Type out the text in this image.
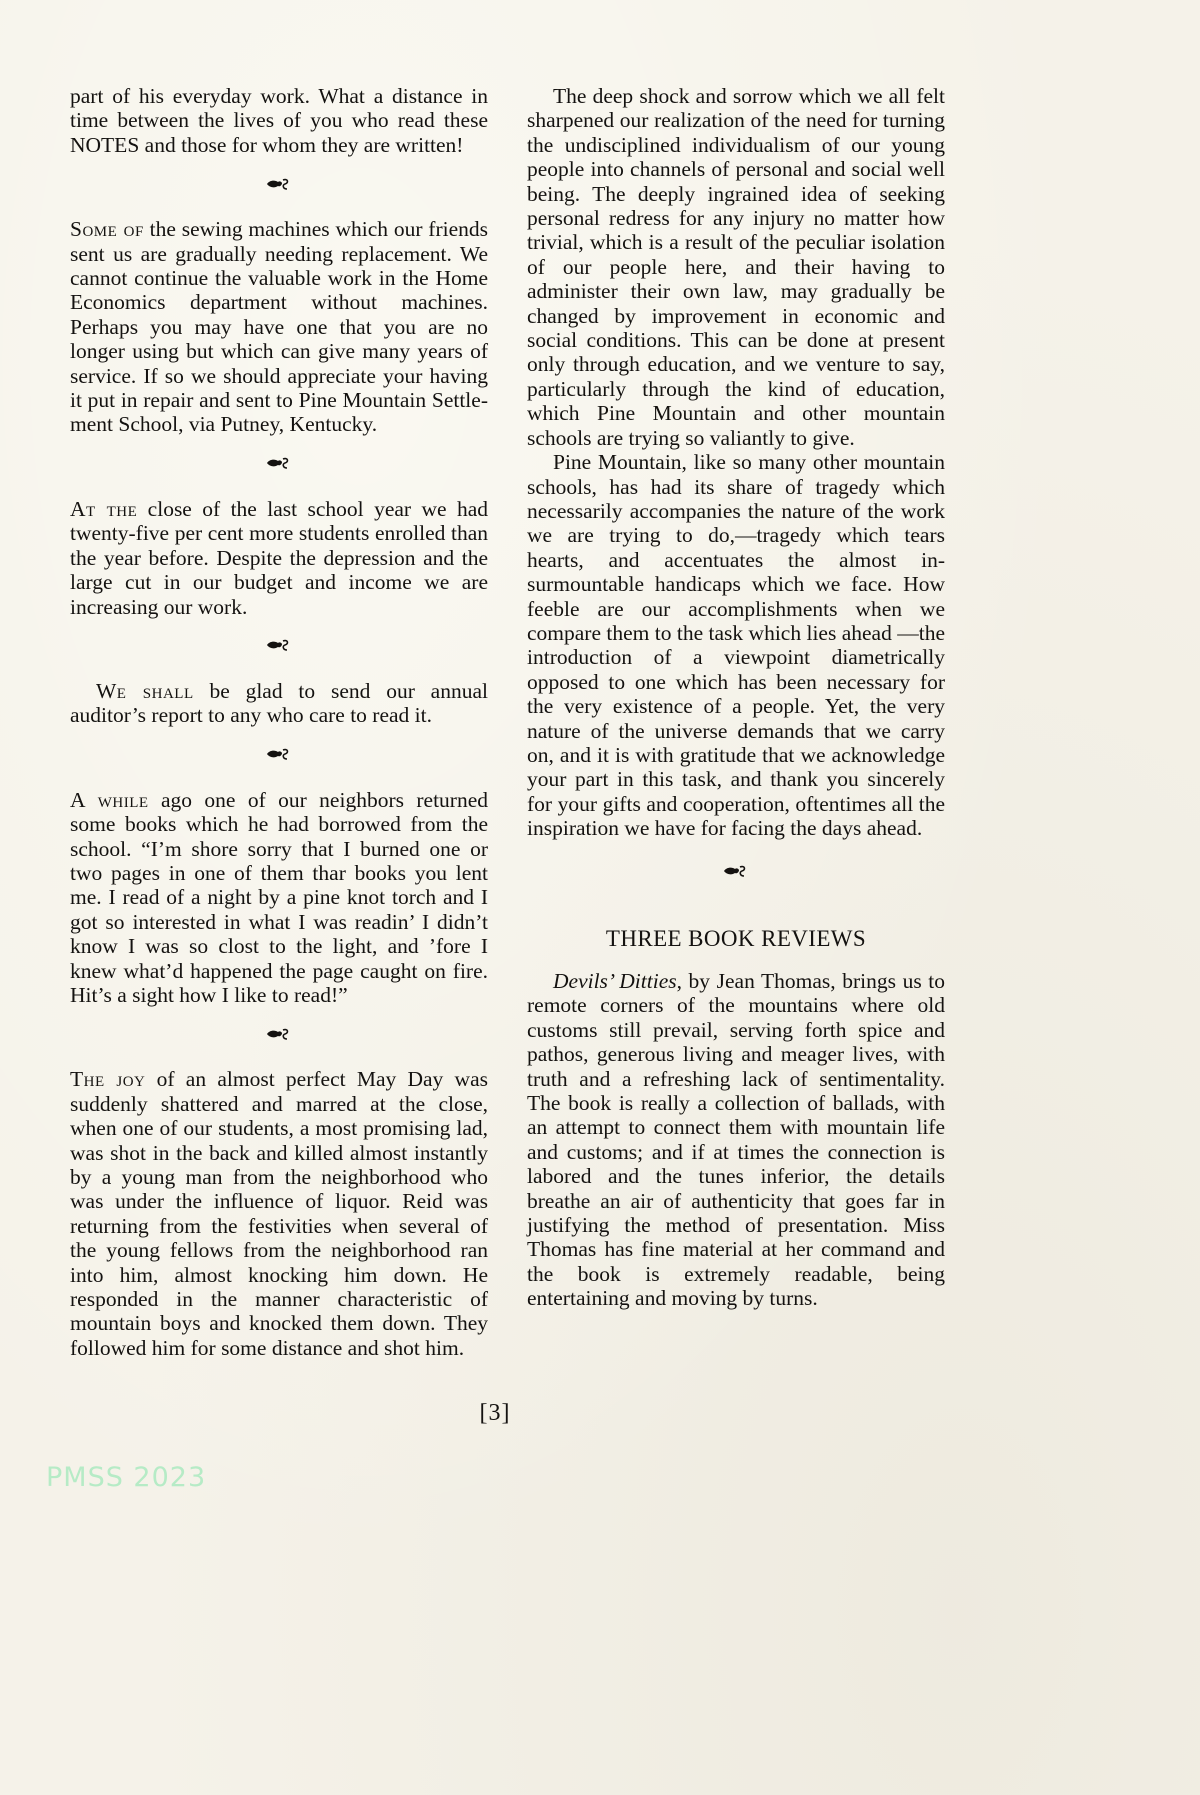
part of his everyday work. What a distance in time between the lives of you who read these NOTES and those for whom they are written!

Some of the sewing machines which our friends sent us are gradually needing replacement. We cannot continue the valuable work in the Home Economics department without machines. Perhaps you may have one that you are no longer using but which can give many years of service. If so we should appreciate your having it put in repair and sent to Pine Mountain Settlement School, via Putney, Kentucky.

At the close of the last school year we had twenty-five per cent more students enrolled than the year before. Despite the depression and the large cut in our budget and income we are increasing our work.

We shall be glad to send our annual auditor’s report to any who care to read it.

A while ago one of our neighbors returned some books which he had borrowed from the school. “I’m shore sorry that I burned one or two pages in one of them thar books you lent me. I read of a night by a pine knot torch and I got so interested in what I was readin’ I didn’t know I was so clost to the light, and ’fore I knew what’d happened the page caught on fire. Hit’s a sight how I like to read!”

The joy of an almost perfect May Day was suddenly shattered and marred at the close, when one of our students, a most promising lad, was shot in the back and killed almost instantly by a young man from the neighborhood who was under the influence of liquor. Reid was returning from the festivities when several of the young fellows from the neighborhood ran into him, almost knocking him down. He responded in the manner characteristic of mountain boys and knocked them down. They followed him for some distance and shot him.

The deep shock and sorrow which we all felt sharpened our realization of the need for turning the undisciplined individualism of our young people into channels of personal and social well being. The deeply ingrained idea of seeking personal redress for any injury no matter how trivial, which is a result of the peculiar isolation of our people here, and their having to administer their own law, may gradually be changed by improvement in economic and social conditions. This can be done at present only through education, and we venture to say, particularly through the kind of education, which Pine Mountain and other mountain schools are trying so valiantly to give.

Pine Mountain, like so many other mountain schools, has had its share of tragedy which necessarily accompanies the nature of the work we are trying to do,—tragedy which tears hearts, and accentuates the almost insurmountable handicaps which we face. How feeble are our accomplishments when we compare them to the task which lies ahead —the introduction of a viewpoint diametrically opposed to one which has been necessary for the very existence of a people. Yet, the very nature of the universe demands that we carry on, and it is with gratitude that we acknowledge your part in this task, and thank you sincerely for your gifts and cooperation, oftentimes all the inspiration we have for facing the days ahead.

THREE BOOK REVIEWS

Devils’ Ditties, by Jean Thomas, brings us to remote corners of the mountains where old customs still prevail, serving forth spice and pathos, generous living and meager lives, with truth and a refreshing lack of sentimentality. The book is really a collection of ballads, with an attempt to connect them with mountain life and customs; and if at times the connection is labored and the tunes inferior, the details breathe an air of authenticity that goes far in justifying the method of presentation. Miss Thomas has fine material at her command and the book is extremely readable, being entertaining and moving by turns.

[3]
PMSS 2023
